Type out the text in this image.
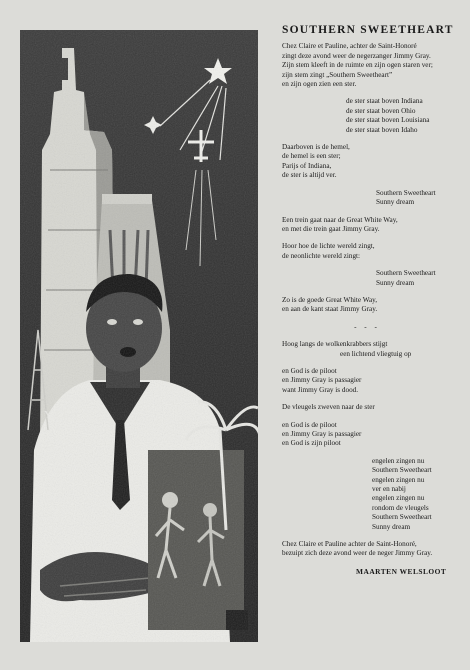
Y. Chez
SOUTHERN SWEETHEART
Chez Claire et Pauline, achter de Saint-Honoré
zingt deze avond weer de negerzanger Jimmy Gray.
Zijn stem kleeft in de ruimte en zijn ogen staren ver;
zijn stem zingt „Southern Sweetheart”
en zijn ogen zien een ster.
de ster staat boven Indiana
de ster staat boven Ohio
de ster staat boven Louisiana
de ster staat boven Idaho
Daarboven is de hemel,
de hemel is een ster;
Parijs of Indiana,
de ster is altijd ver.
Southern Sweetheart
Sunny dream
Een trein gaat naar de Great White Way,
en met die trein gaat Jimmy Gray.
Hoor hoe de lichte wereld zingt,
de neonlichte wereld zingt:
Southern Sweetheart
Sunny dream
Zo is de goede Great White Way,
en aan de kant staat Jimmy Gray.
- - -
Hoog langs de wolkenkrabbers stijgt
een lichtend vliegtuig op
en God is de piloot
en Jimmy Gray is passagier
want Jimmy Gray is dood.
De vleugels zweven naar de ster
en God is de piloot
en Jimmy Gray is passagier
en God is zijn piloot
engelen zingen nu
Southern Sweetheart
engelen zingen nu
ver en nabij
engelen zingen nu
rondom de vleugels
Southern Sweetheart
Sunny dream
Chez Claire et Pauline achter de Saint-Honoré,
bezuipt zich deze avond weer de neger Jimmy Gray.
MAARTEN WELSLOOT
